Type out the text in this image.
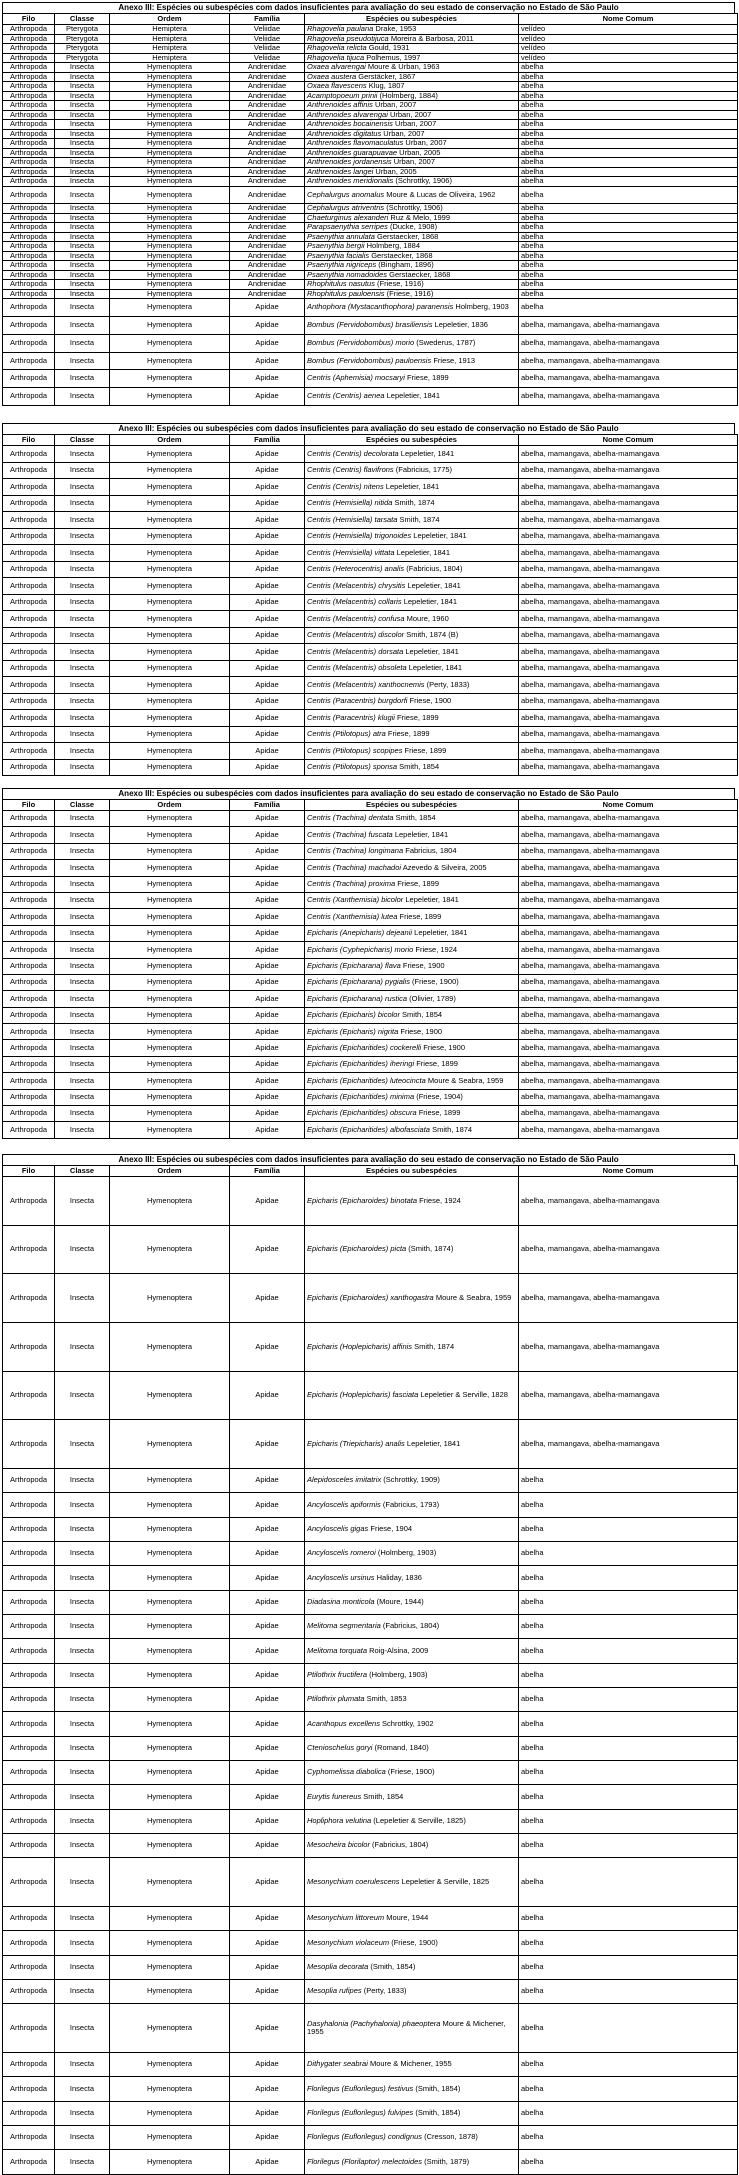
Anexo III: Espécies ou subespécies com dados insuficientes para avaliação do seu estado de conservação no Estado de São Paulo
Filo	Classe	Ordem	Família	Espécies ou subespécies	Nome Comum
Arthropoda	Pterygota	Hemiptera	Veliidae	Rhagovelia paulana Drake, 1953	velídeo
Arthropoda	Pterygota	Hemiptera	Veliidae	Rhagovelia pseudotijuca Moreira & Barbosa, 2011	velídeo
Arthropoda	Pterygota	Hemiptera	Veliidae	Rhagovelia relicta Gould, 1931	velídeo
Arthropoda	Pterygota	Hemiptera	Veliidae	Rhagovelia tijuca Polhemus, 1997	velídeo
Arthropoda	Insecta	Hymenoptera	Andrenidae	Oxaea alvarengai Moure & Urban, 1963	abelha
Arthropoda	Insecta	Hymenoptera	Andrenidae	Oxaea austera Gerstäcker, 1867	abelha
Arthropoda	Insecta	Hymenoptera	Andrenidae	Oxaea flavescens Klug, 1807	abelha
Arthropoda	Insecta	Hymenoptera	Andrenidae	Acamptopoeum prinii (Holmberg, 1884)	abelha
Arthropoda	Insecta	Hymenoptera	Andrenidae	Anthrenoides affinis Urban, 2007	abelha
Arthropoda	Insecta	Hymenoptera	Andrenidae	Anthrenoides alvarengai Urban, 2007	abelha
Arthropoda	Insecta	Hymenoptera	Andrenidae	Anthrenoides bocainensis Urban, 2007	abelha
Arthropoda	Insecta	Hymenoptera	Andrenidae	Anthrenoides digitatus Urban, 2007	abelha
Arthropoda	Insecta	Hymenoptera	Andrenidae	Anthrenoides flavomaculatus Urban, 2007	abelha
Arthropoda	Insecta	Hymenoptera	Andrenidae	Anthrenoides guarapuavae Urban, 2005	abelha
Arthropoda	Insecta	Hymenoptera	Andrenidae	Anthrenoides jordanensis Urban, 2007	abelha
Arthropoda	Insecta	Hymenoptera	Andrenidae	Anthrenoides langei Urban, 2005	abelha
Arthropoda	Insecta	Hymenoptera	Andrenidae	Anthrenoides meridionalis (Schrottky, 1906)	abelha
Arthropoda	Insecta	Hymenoptera	Andrenidae	Cephalurgus anomalus Moure & Lucas de Oliveira, 1962	abelha
Arthropoda	Insecta	Hymenoptera	Andrenidae	Cephalurgus atriventris (Schrottky, 1906)	abelha
Arthropoda	Insecta	Hymenoptera	Andrenidae	Chaeturginus alexanderi Ruz & Melo, 1999	abelha
Arthropoda	Insecta	Hymenoptera	Andrenidae	Parapsaenythia serripes (Ducke, 1908)	abelha
Arthropoda	Insecta	Hymenoptera	Andrenidae	Psaenythia annulata Gerstaecker, 1868	abelha
Arthropoda	Insecta	Hymenoptera	Andrenidae	Psaenythia bergii Holmberg, 1884	abelha
Arthropoda	Insecta	Hymenoptera	Andrenidae	Psaenythia facialis Gerstaecker, 1868	abelha
Arthropoda	Insecta	Hymenoptera	Andrenidae	Psaenythia nigriceps (Bingham, 1896)	abelha
Arthropoda	Insecta	Hymenoptera	Andrenidae	Psaenythia nomadoides Gerstaecker, 1868	abelha
Arthropoda	Insecta	Hymenoptera	Andrenidae	Rhophitulus nasutus (Friese, 1916)	abelha
Arthropoda	Insecta	Hymenoptera	Andrenidae	Rhophitulus pauloensis (Friese, 1916)	abelha
Arthropoda	Insecta	Hymenoptera	Apidae	Anthophora (Mystacanthophora) paranensis Holmberg, 1903	abelha
Arthropoda	Insecta	Hymenoptera	Apidae	Bombus (Fervidobombus) brasiliensis Lepeletier, 1836	abelha, mamangava, abelha-mamangava
Arthropoda	Insecta	Hymenoptera	Apidae	Bombus (Fervidobombus) morio (Swederus, 1787)	abelha, mamangava, abelha-mamangava
Arthropoda	Insecta	Hymenoptera	Apidae	Bombus (Fervidobombus) pauloensis Friese, 1913	abelha, mamangava, abelha-mamangava
Arthropoda	Insecta	Hymenoptera	Apidae	Centris (Aphemisia) mocsaryi Friese, 1899	abelha, mamangava, abelha-mamangava
Arthropoda	Insecta	Hymenoptera	Apidae	Centris (Centris) aenea Lepeletier, 1841	abelha, mamangava, abelha-mamangava
Anexo III: Espécies ou subespécies com dados insuficientes para avaliação do seu estado de conservação no Estado de São Paulo
Filo	Classe	Ordem	Família	Espécies ou subespécies	Nome Comum
Arthropoda	Insecta	Hymenoptera	Apidae	Centris (Centris) decolorata Lepeletier, 1841	abelha, mamangava, abelha-mamangava
Arthropoda	Insecta	Hymenoptera	Apidae	Centris (Centris) flavifrons (Fabricius, 1775)	abelha, mamangava, abelha-mamangava
Arthropoda	Insecta	Hymenoptera	Apidae	Centris (Centris) nitens Lepeletier, 1841	abelha, mamangava, abelha-mamangava
Arthropoda	Insecta	Hymenoptera	Apidae	Centris (Hemisiella) nitida Smith, 1874	abelha, mamangava, abelha-mamangava
Arthropoda	Insecta	Hymenoptera	Apidae	Centris (Hemisiella) tarsata Smith, 1874	abelha, mamangava, abelha-mamangava
Arthropoda	Insecta	Hymenoptera	Apidae	Centris (Hemisiella) trigonoides Lepeletier, 1841	abelha, mamangava, abelha-mamangava
Arthropoda	Insecta	Hymenoptera	Apidae	Centris (Hemisiella) vittata Lepeletier, 1841	abelha, mamangava, abelha-mamangava
Arthropoda	Insecta	Hymenoptera	Apidae	Centris (Heterocentris) analis (Fabricius, 1804)	abelha, mamangava, abelha-mamangava
Arthropoda	Insecta	Hymenoptera	Apidae	Centris (Melacentris) chrysitis Lepeletier, 1841	abelha, mamangava, abelha-mamangava
Arthropoda	Insecta	Hymenoptera	Apidae	Centris (Melacentris) collaris Lepeletier, 1841	abelha, mamangava, abelha-mamangava
Arthropoda	Insecta	Hymenoptera	Apidae	Centris (Melacentris) confusa Moure, 1960	abelha, mamangava, abelha-mamangava
Arthropoda	Insecta	Hymenoptera	Apidae	Centris (Melacentris) discolor Smith, 1874 (B)	abelha, mamangava, abelha-mamangava
Arthropoda	Insecta	Hymenoptera	Apidae	Centris (Melacentris) dorsata Lepeletier, 1841	abelha, mamangava, abelha-mamangava
Arthropoda	Insecta	Hymenoptera	Apidae	Centris (Melacentris) obsoleta Lepeletier, 1841	abelha, mamangava, abelha-mamangava
Arthropoda	Insecta	Hymenoptera	Apidae	Centris (Melacentris) xanthocnemis (Perty, 1833)	abelha, mamangava, abelha-mamangava
Arthropoda	Insecta	Hymenoptera	Apidae	Centris (Paracentris) burgdorfi Friese, 1900	abelha, mamangava, abelha-mamangava
Arthropoda	Insecta	Hymenoptera	Apidae	Centris (Paracentris) klugii Friese, 1899	abelha, mamangava, abelha-mamangava
Arthropoda	Insecta	Hymenoptera	Apidae	Centris (Ptilotopus) atra Friese, 1899	abelha, mamangava, abelha-mamangava
Arthropoda	Insecta	Hymenoptera	Apidae	Centris (Ptilotopus) scopipes Friese, 1899	abelha, mamangava, abelha-mamangava
Arthropoda	Insecta	Hymenoptera	Apidae	Centris (Ptilotopus) sponsa Smith, 1854	abelha, mamangava, abelha-mamangava
Anexo III: Espécies ou subespécies com dados insuficientes para avaliação do seu estado de conservação no Estado de São Paulo
Filo	Classe	Ordem	Família	Espécies ou subespécies	Nome Comum
Arthropoda	Insecta	Hymenoptera	Apidae	Centris (Trachina) dentata Smith, 1854	abelha, mamangava, abelha-mamangava
Arthropoda	Insecta	Hymenoptera	Apidae	Centris (Trachina) fuscata Lepeletier, 1841	abelha, mamangava, abelha-mamangava
Arthropoda	Insecta	Hymenoptera	Apidae	Centris (Trachina) longimana Fabricius, 1804	abelha, mamangava, abelha-mamangava
Arthropoda	Insecta	Hymenoptera	Apidae	Centris (Trachina) machadoi Azevedo & Silveira, 2005	abelha, mamangava, abelha-mamangava
Arthropoda	Insecta	Hymenoptera	Apidae	Centris (Trachina) proxima Friese, 1899	abelha, mamangava, abelha-mamangava
Arthropoda	Insecta	Hymenoptera	Apidae	Centris (Xanthemisia) bicolor Lepeletier, 1841	abelha, mamangava, abelha-mamangava
Arthropoda	Insecta	Hymenoptera	Apidae	Centris (Xanthemisia) lutea Friese, 1899	abelha, mamangava, abelha-mamangava
Arthropoda	Insecta	Hymenoptera	Apidae	Epicharis (Anepicharis) dejeanii Lepeletier, 1841	abelha, mamangava, abelha-mamangava
Arthropoda	Insecta	Hymenoptera	Apidae	Epicharis (Cyphepicharis) morio Friese, 1924	abelha, mamangava, abelha-mamangava
Arthropoda	Insecta	Hymenoptera	Apidae	Epicharis (Epicharana) flava Friese, 1900	abelha, mamangava, abelha-mamangava
Arthropoda	Insecta	Hymenoptera	Apidae	Epicharis (Epicharana) pygialis (Friese, 1900)	abelha, mamangava, abelha-mamangava
Arthropoda	Insecta	Hymenoptera	Apidae	Epicharis (Epicharana) rustica (Olivier, 1789)	abelha, mamangava, abelha-mamangava
Arthropoda	Insecta	Hymenoptera	Apidae	Epicharis (Epicharis) bicolor Smith, 1854	abelha, mamangava, abelha-mamangava
Arthropoda	Insecta	Hymenoptera	Apidae	Epicharis (Epicharis) nigrita Friese, 1900	abelha, mamangava, abelha-mamangava
Arthropoda	Insecta	Hymenoptera	Apidae	Epicharis (Epicharitides) cockerelli Friese, 1900	abelha, mamangava, abelha-mamangava
Arthropoda	Insecta	Hymenoptera	Apidae	Epicharis (Epicharitides) iheringi Friese, 1899	abelha, mamangava, abelha-mamangava
Arthropoda	Insecta	Hymenoptera	Apidae	Epicharis (Epicharitides) luteocincta Moure & Seabra, 1959	abelha, mamangava, abelha-mamangava
Arthropoda	Insecta	Hymenoptera	Apidae	Epicharis (Epicharitides) minima (Friese, 1904)	abelha, mamangava, abelha-mamangava
Arthropoda	Insecta	Hymenoptera	Apidae	Epicharis (Epicharitides) obscura Friese, 1899	abelha, mamangava, abelha-mamangava
Arthropoda	Insecta	Hymenoptera	Apidae	Epicharis (Epicharitides) albofasciata Smith, 1874	abelha, mamangava, abelha-mamangava
Anexo III: Espécies ou subespécies com dados insuficientes para avaliação do seu estado de conservação no Estado de São Paulo
Filo	Classe	Ordem	Família	Espécies ou subespécies	Nome Comum
Arthropoda	Insecta	Hymenoptera	Apidae	Epicharis (Epicharoides) binotata Friese, 1924	abelha, mamangava, abelha-mamangava
Arthropoda	Insecta	Hymenoptera	Apidae	Epicharis (Epicharoides) picta (Smith, 1874)	abelha, mamangava, abelha-mamangava
Arthropoda	Insecta	Hymenoptera	Apidae	Epicharis (Epicharoides) xanthogastra Moure & Seabra, 1959	abelha, mamangava, abelha-mamangava
Arthropoda	Insecta	Hymenoptera	Apidae	Epicharis (Hoplepicharis) affinis Smith, 1874	abelha, mamangava, abelha-mamangava
Arthropoda	Insecta	Hymenoptera	Apidae	Epicharis (Hoplepicharis) fasciata Lepeletier & Serville, 1828	abelha, mamangava, abelha-mamangava
Arthropoda	Insecta	Hymenoptera	Apidae	Epicharis (Triepicharis) analis Lepeletier, 1841	abelha, mamangava, abelha-mamangava
Arthropoda	Insecta	Hymenoptera	Apidae	Alepidosceles imitatrix (Schrottky, 1909)	abelha
Arthropoda	Insecta	Hymenoptera	Apidae	Ancyloscelis apiformis (Fabricius, 1793)	abelha
Arthropoda	Insecta	Hymenoptera	Apidae	Ancyloscelis gigas Friese, 1904	abelha
Arthropoda	Insecta	Hymenoptera	Apidae	Ancyloscelis romeroi (Holmberg, 1903)	abelha
Arthropoda	Insecta	Hymenoptera	Apidae	Ancyloscelis ursinus Haliday, 1836	abelha
Arthropoda	Insecta	Hymenoptera	Apidae	Diadasina monticola (Moure, 1944)	abelha
Arthropoda	Insecta	Hymenoptera	Apidae	Melitoma segmentaria (Fabricius, 1804)	abelha
Arthropoda	Insecta	Hymenoptera	Apidae	Melitoma torquata Roig-Alsina, 2009	abelha
Arthropoda	Insecta	Hymenoptera	Apidae	Ptilothrix fructifera (Holmberg, 1903)	abelha
Arthropoda	Insecta	Hymenoptera	Apidae	Ptilothrix plumata Smith, 1853	abelha
Arthropoda	Insecta	Hymenoptera	Apidae	Acanthopus excellens Schrottky, 1902	abelha
Arthropoda	Insecta	Hymenoptera	Apidae	Ctenioschelus goryi (Romand, 1840)	abelha
Arthropoda	Insecta	Hymenoptera	Apidae	Cyphomelissa diabolica (Friese, 1900)	abelha
Arthropoda	Insecta	Hymenoptera	Apidae	Eurytis funereus Smith, 1854	abelha
Arthropoda	Insecta	Hymenoptera	Apidae	Hopliphora velutina (Lepeletier & Serville, 1825)	abelha
Arthropoda	Insecta	Hymenoptera	Apidae	Mesocheira bicolor (Fabricius, 1804)	abelha
Arthropoda	Insecta	Hymenoptera	Apidae	Mesonychium coerulescens Lepeletier & Serville, 1825	abelha
Arthropoda	Insecta	Hymenoptera	Apidae	Mesonychium littoreum Moure, 1944	abelha
Arthropoda	Insecta	Hymenoptera	Apidae	Mesonychium violaceum (Friese, 1900)	abelha
Arthropoda	Insecta	Hymenoptera	Apidae	Mesoplia decorata (Smith, 1854)	abelha
Arthropoda	Insecta	Hymenoptera	Apidae	Mesoplia rufipes (Perty, 1833)	abelha
Arthropoda	Insecta	Hymenoptera	Apidae	Dasyhalonia (Pachyhalonia) phaeoptera Moure & Michener, 1955	abelha
Arthropoda	Insecta	Hymenoptera	Apidae	Dithygater seabrai Moure & Michener, 1955	abelha
Arthropoda	Insecta	Hymenoptera	Apidae	Florilegus (Euflorilegus) festivus (Smith, 1854)	abelha
Arthropoda	Insecta	Hymenoptera	Apidae	Florilegus (Euflorilegus) fulvipes (Smith, 1854)	abelha
Arthropoda	Insecta	Hymenoptera	Apidae	Florilegus (Euflorilegus) condignus (Cresson, 1878)	abelha
Arthropoda	Insecta	Hymenoptera	Apidae	Florilegus (Florilaptor) melectoides (Smith, 1879)	abelha
